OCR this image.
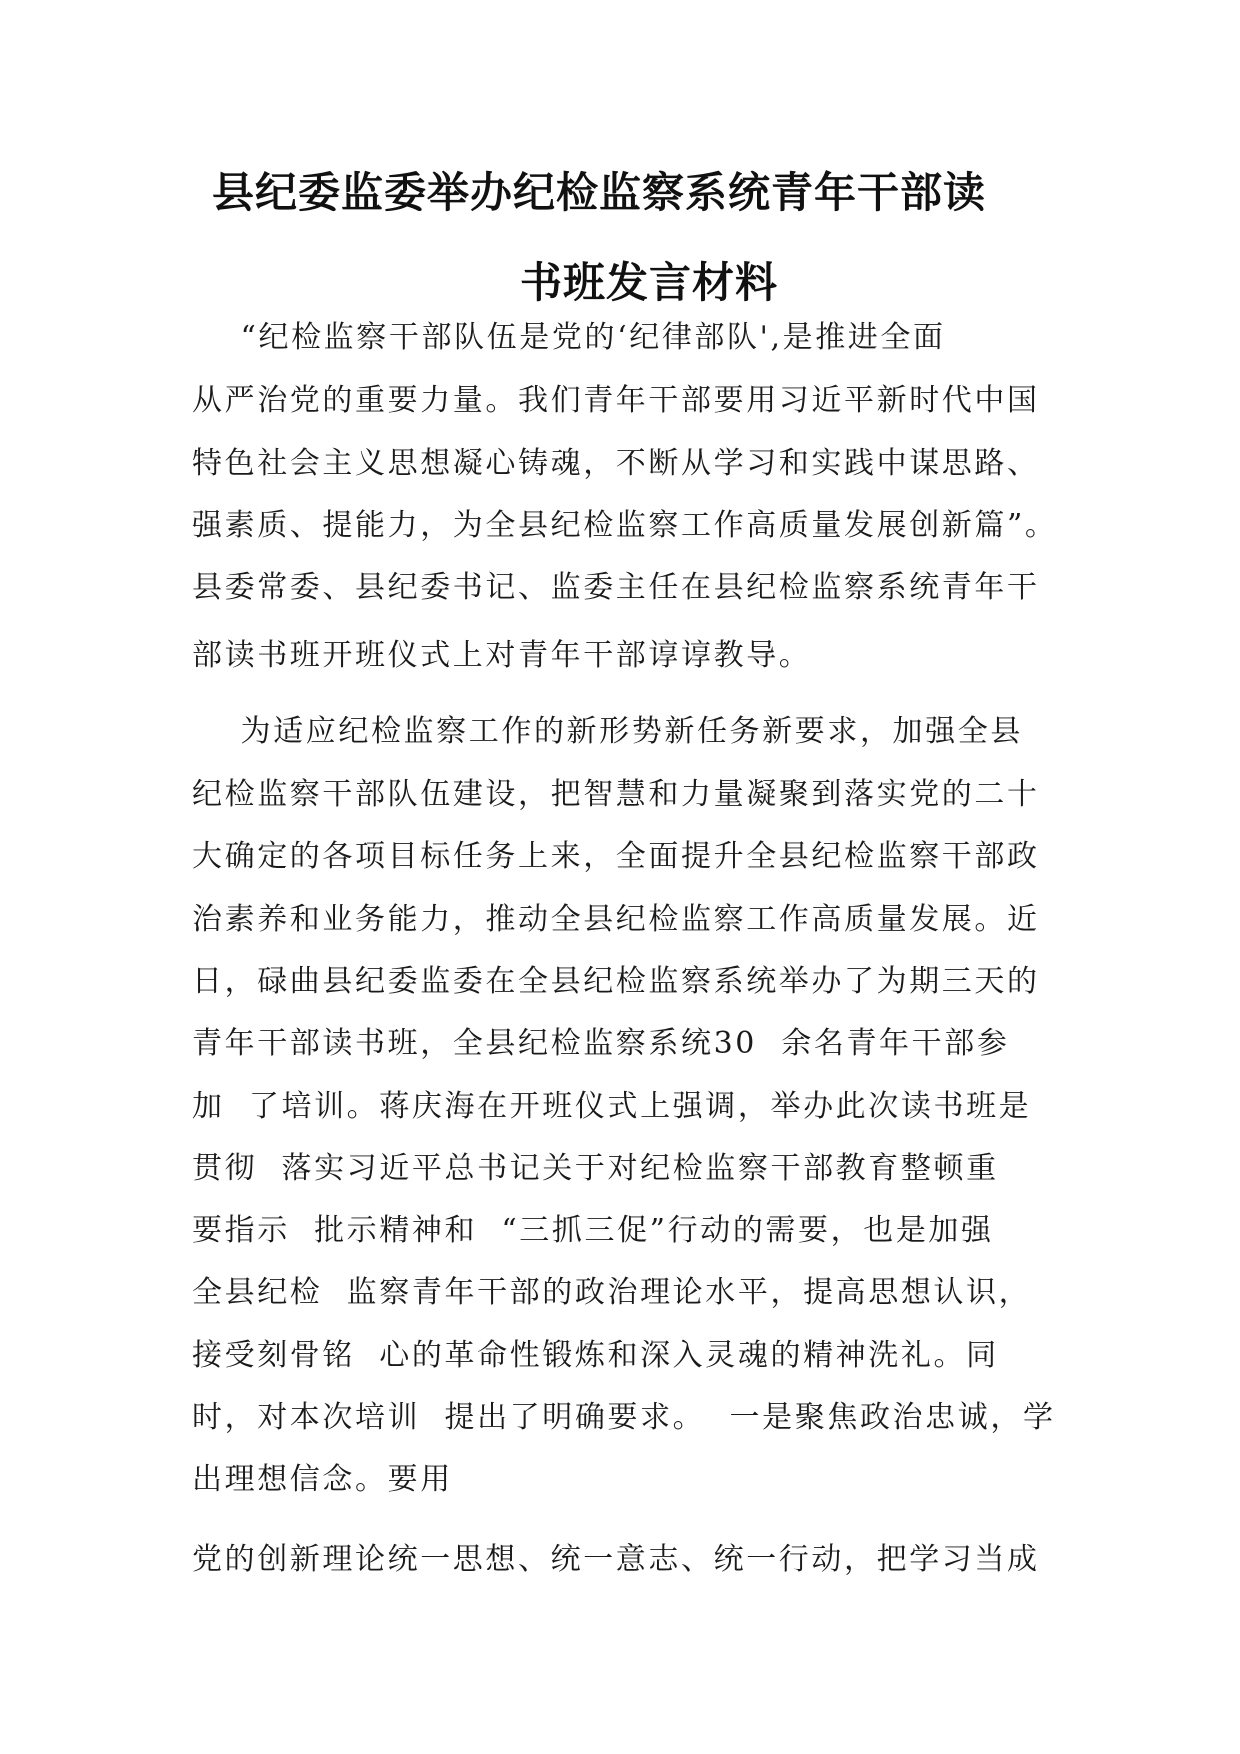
县纪委监委举办纪检监察系统青年干部读
书班发言材料
“纪检监察干部队伍是党的‘纪律部队',是推进全面
从严治党的重要力量。我们青年干部要用习近平新时代中国
特色社会主义思想凝心铸魂，不断从学习和实践中谋思路、
强素质、提能力，为全县纪检监察工作高质量发展创新篇”。
县委常委、县纪委书记、监委主任在县纪检监察系统青年干
部读书班开班仪式上对青年干部谆谆教导。
为适应纪检监察工作的新形势新任务新要求，加强全县
纪检监察干部队伍建设，把智慧和力量凝聚到落实党的二十
大确定的各项目标任务上来，全面提升全县纪检监察干部政
治素养和业务能力，推动全县纪检监察工作高质量发展。近
日，碌曲县纪委监委在全县纪检监察系统举办了为期三天的
青年干部读书班，全县纪检监察系统30  余名青年干部参
加  了培训。蒋庆海在开班仪式上强调，举办此次读书班是
贯彻  落实习近平总书记关于对纪检监察干部教育整顿重
要指示  批示精神和  “三抓三促”行动的需要，也是加强
全县纪检  监察青年干部的政治理论水平，提高思想认识，
接受刻骨铭  心的革命性锻炼和深入灵魂的精神洗礼。同
时，对本次培训  提出了明确要求。  一是聚焦政治忠诚，学
出理想信念。要用
党的创新理论统一思想、统一意志、统一行动，把学习当成
